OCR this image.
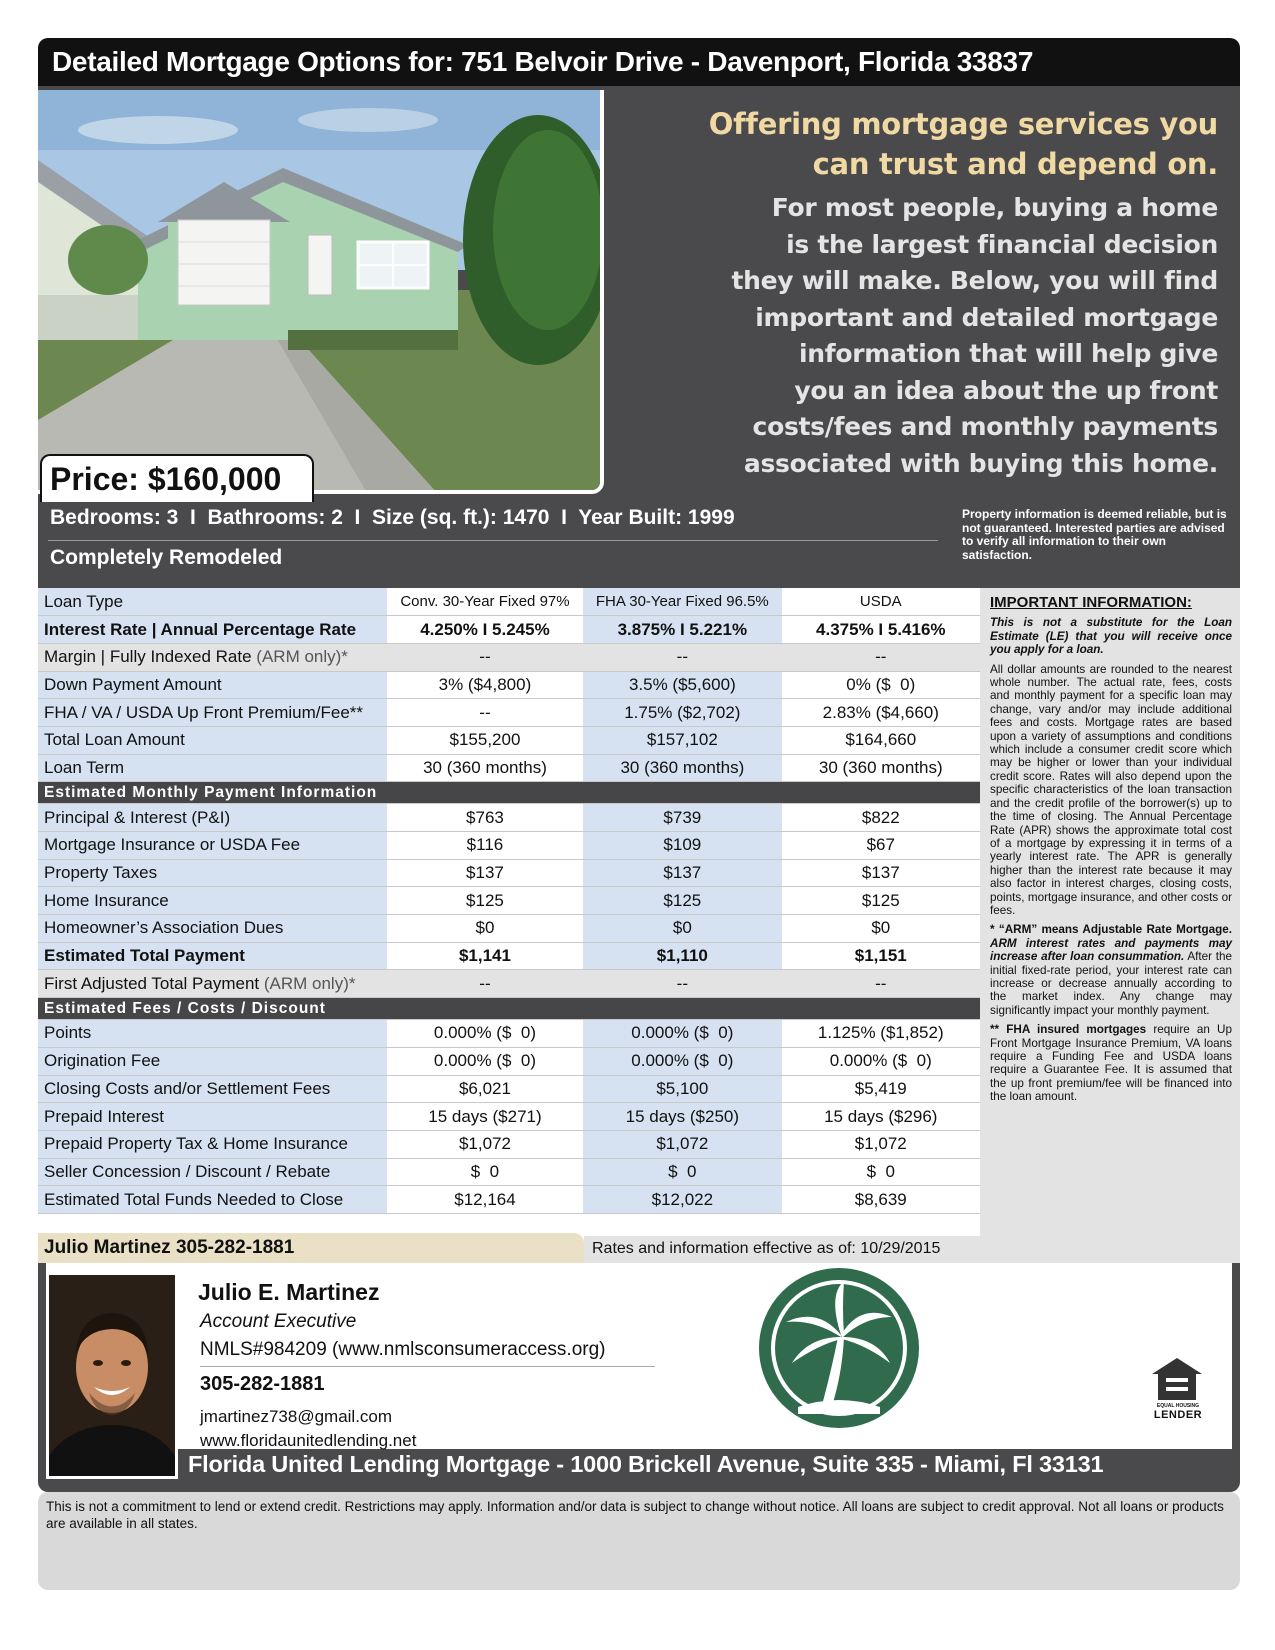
Detailed Mortgage Options for: 751 Belvoir Drive - Davenport, Florida 33837
Price: $160,000
Offering mortgage services you
can trust and depend on.
For most people, buying a home
is the largest financial decision
they will make. Below, you will find
important and detailed mortgage
information that will help give
you an idea about the up front
costs/fees and monthly payments
associated with buying this home.
Bedrooms: 3  I  Bathrooms: 2  I  Size (sq. ft.): 1470  I  Year Built: 1999
Completely Remodeled
Property information is deemed reliable, but is not guaranteed. Interested parties are advised to verify all information to their own satisfaction.
Loan Type	Conv. 30-Year Fixed 97%	FHA 30-Year Fixed 96.5%	USDA
Interest Rate | Annual Percentage Rate	4.250% I 5.245%	3.875% I 5.221%	4.375% I 5.416%
Margin | Fully Indexed Rate (ARM only)*	--	--	--
Down Payment Amount	3% ($4,800)	3.5% ($5,600)	0% ($  0)
FHA / VA / USDA Up Front Premium/Fee**	--	1.75% ($2,702)	2.83% ($4,660)
Total Loan Amount	$155,200	$157,102	$164,660
Loan Term	30 (360 months)	30 (360 months)	30 (360 months)
Estimated Monthly Payment Information			
Principal & Interest (P&I)	$763	$739	$822
Mortgage Insurance or USDA Fee	$116	$109	$67
Property Taxes	$137	$137	$137
Home Insurance	$125	$125	$125
Homeowner’s Association Dues	$0	$0	$0
Estimated Total Payment	$1,141	$1,110	$1,151
First Adjusted Total Payment (ARM only)*	--	--	--
Estimated Fees / Costs / Discount			
Points	0.000% ($  0)	0.000% ($  0)	1.125% ($1,852)
Origination Fee	0.000% ($  0)	0.000% ($  0)	0.000% ($  0)
Closing Costs and/or Settlement Fees	$6,021	$5,100	$5,419
Prepaid Interest	15 days ($271)	15 days ($250)	15 days ($296)
Prepaid Property Tax & Home Insurance	$1,072	$1,072	$1,072
Seller Concession / Discount / Rebate	$  0	$  0	$  0
Estimated Total Funds Needed to Close	$12,164	$12,022	$8,639
Julio Martinez 305-282-1881	Rates and information effective as of: 10/29/2015
IMPORTANT INFORMATION:

This is not a substitute for the Loan Estimate (LE) that you will receive once you apply for a loan.

All dollar amounts are rounded to the nearest whole number. The actual rate, fees, costs and monthly payment for a specific loan may change, vary and/or may include additional fees and costs. Mortgage rates are based upon a variety of assumptions and conditions which include a consumer credit score which may be higher or lower than your individual credit score. Rates will also depend upon the specific characteristics of the loan transaction and the credit profile of the borrower(s) up to the time of closing. The Annual Percentage Rate (APR) shows the approximate total cost of a mortgage by expressing it in terms of a yearly interest rate. The APR is generally higher than the interest rate because it may also factor in interest charges, closing costs, points, mortgage insurance, and other costs or fees.

* “ARM” means Adjustable Rate Mortgage. ARM interest rates and payments may increase after loan consummation. After the initial fixed-rate period, your interest rate can increase or decrease annually according to the market index. Any change may significantly impact your monthly payment.

** FHA insured mortgages require an Up Front Mortgage Insurance Premium, VA loans require a Funding Fee and USDA loans require a Guarantee Fee. It is assumed that the up front premium/fee will be financed into the loan amount.

Julio E. Martinez
Account Executive
NMLS#984209 (www.nmlsconsumeraccess.org)
305-282-1881
jmartinez738@gmail.com
www.floridaunitedlending.net
EQUAL HOUSING
LENDER
Florida United Lending Mortgage - 1000 Brickell Avenue, Suite 335 - Miami, Fl 33131
This is not a commitment to lend or extend credit. Restrictions may apply. Information and/or data is subject to change without notice. All loans are subject to credit approval. Not all loans or products are available in all states.
